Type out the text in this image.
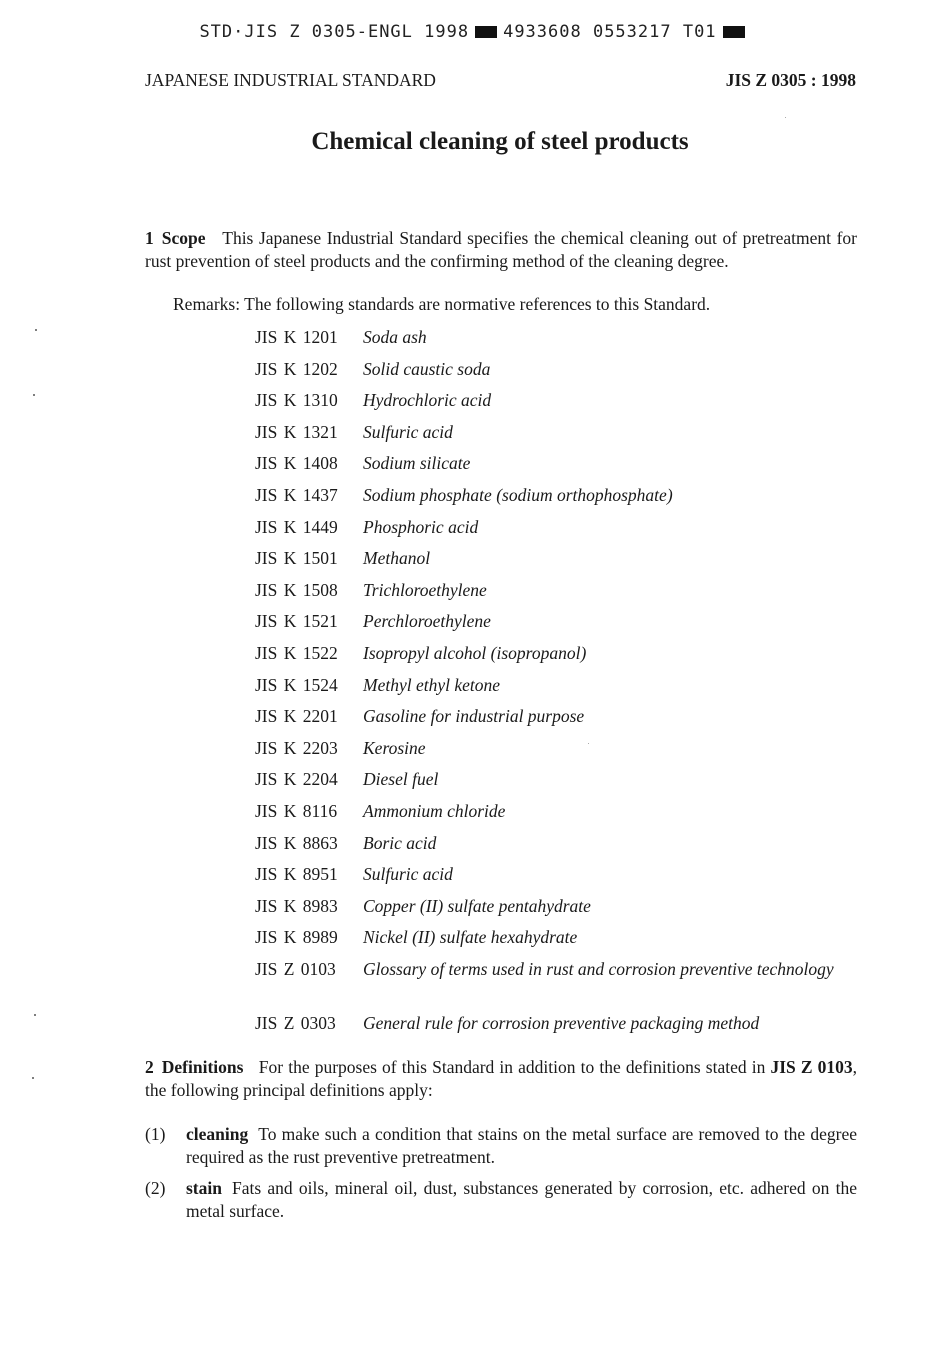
STD·JIS Z 0305-ENGL 1998 4933608 0553217 T01
JAPANESE INDUSTRIAL STANDARD	JIS Z 0305 : 1998
Chemical cleaning of steel products
1 Scope This Japanese Industrial Standard specifies the chemical cleaning out of pretreatment for rust prevention of steel products and the confirming method of the cleaning degree.
Remarks: The following standards are normative references to this Standard.
JIS K 1201 Soda ash
JIS K 1202 Solid caustic soda
JIS K 1310 Hydrochloric acid
JIS K 1321 Sulfuric acid
JIS K 1408 Sodium silicate
JIS K 1437 Sodium phosphate (sodium orthophosphate)
JIS K 1449 Phosphoric acid
JIS K 1501 Methanol
JIS K 1508 Trichloroethylene
JIS K 1521 Perchloroethylene
JIS K 1522 Isopropyl alcohol (isopropanol)
JIS K 1524 Methyl ethyl ketone
JIS K 2201 Gasoline for industrial purpose
JIS K 2203 Kerosine
JIS K 2204 Diesel fuel
JIS K 8116 Ammonium chloride
JIS K 8863 Boric acid
JIS K 8951 Sulfuric acid
JIS K 8983 Copper (II) sulfate pentahydrate
JIS K 8989 Nickel (II) sulfate hexahydrate
JIS Z 0103 Glossary of terms used in rust and corrosion preventive technology
JIS Z 0303 General rule for corrosion preventive packaging method
2 Definitions For the purposes of this Standard in addition to the definitions stated in JIS Z 0103, the following principal definitions apply:
(1) cleaning To make such a condition that stains on the metal surface are removed to the degree required as the rust preventive pretreatment.
(2) stain Fats and oils, mineral oil, dust, substances generated by corrosion, etc. adhered on the metal surface.
